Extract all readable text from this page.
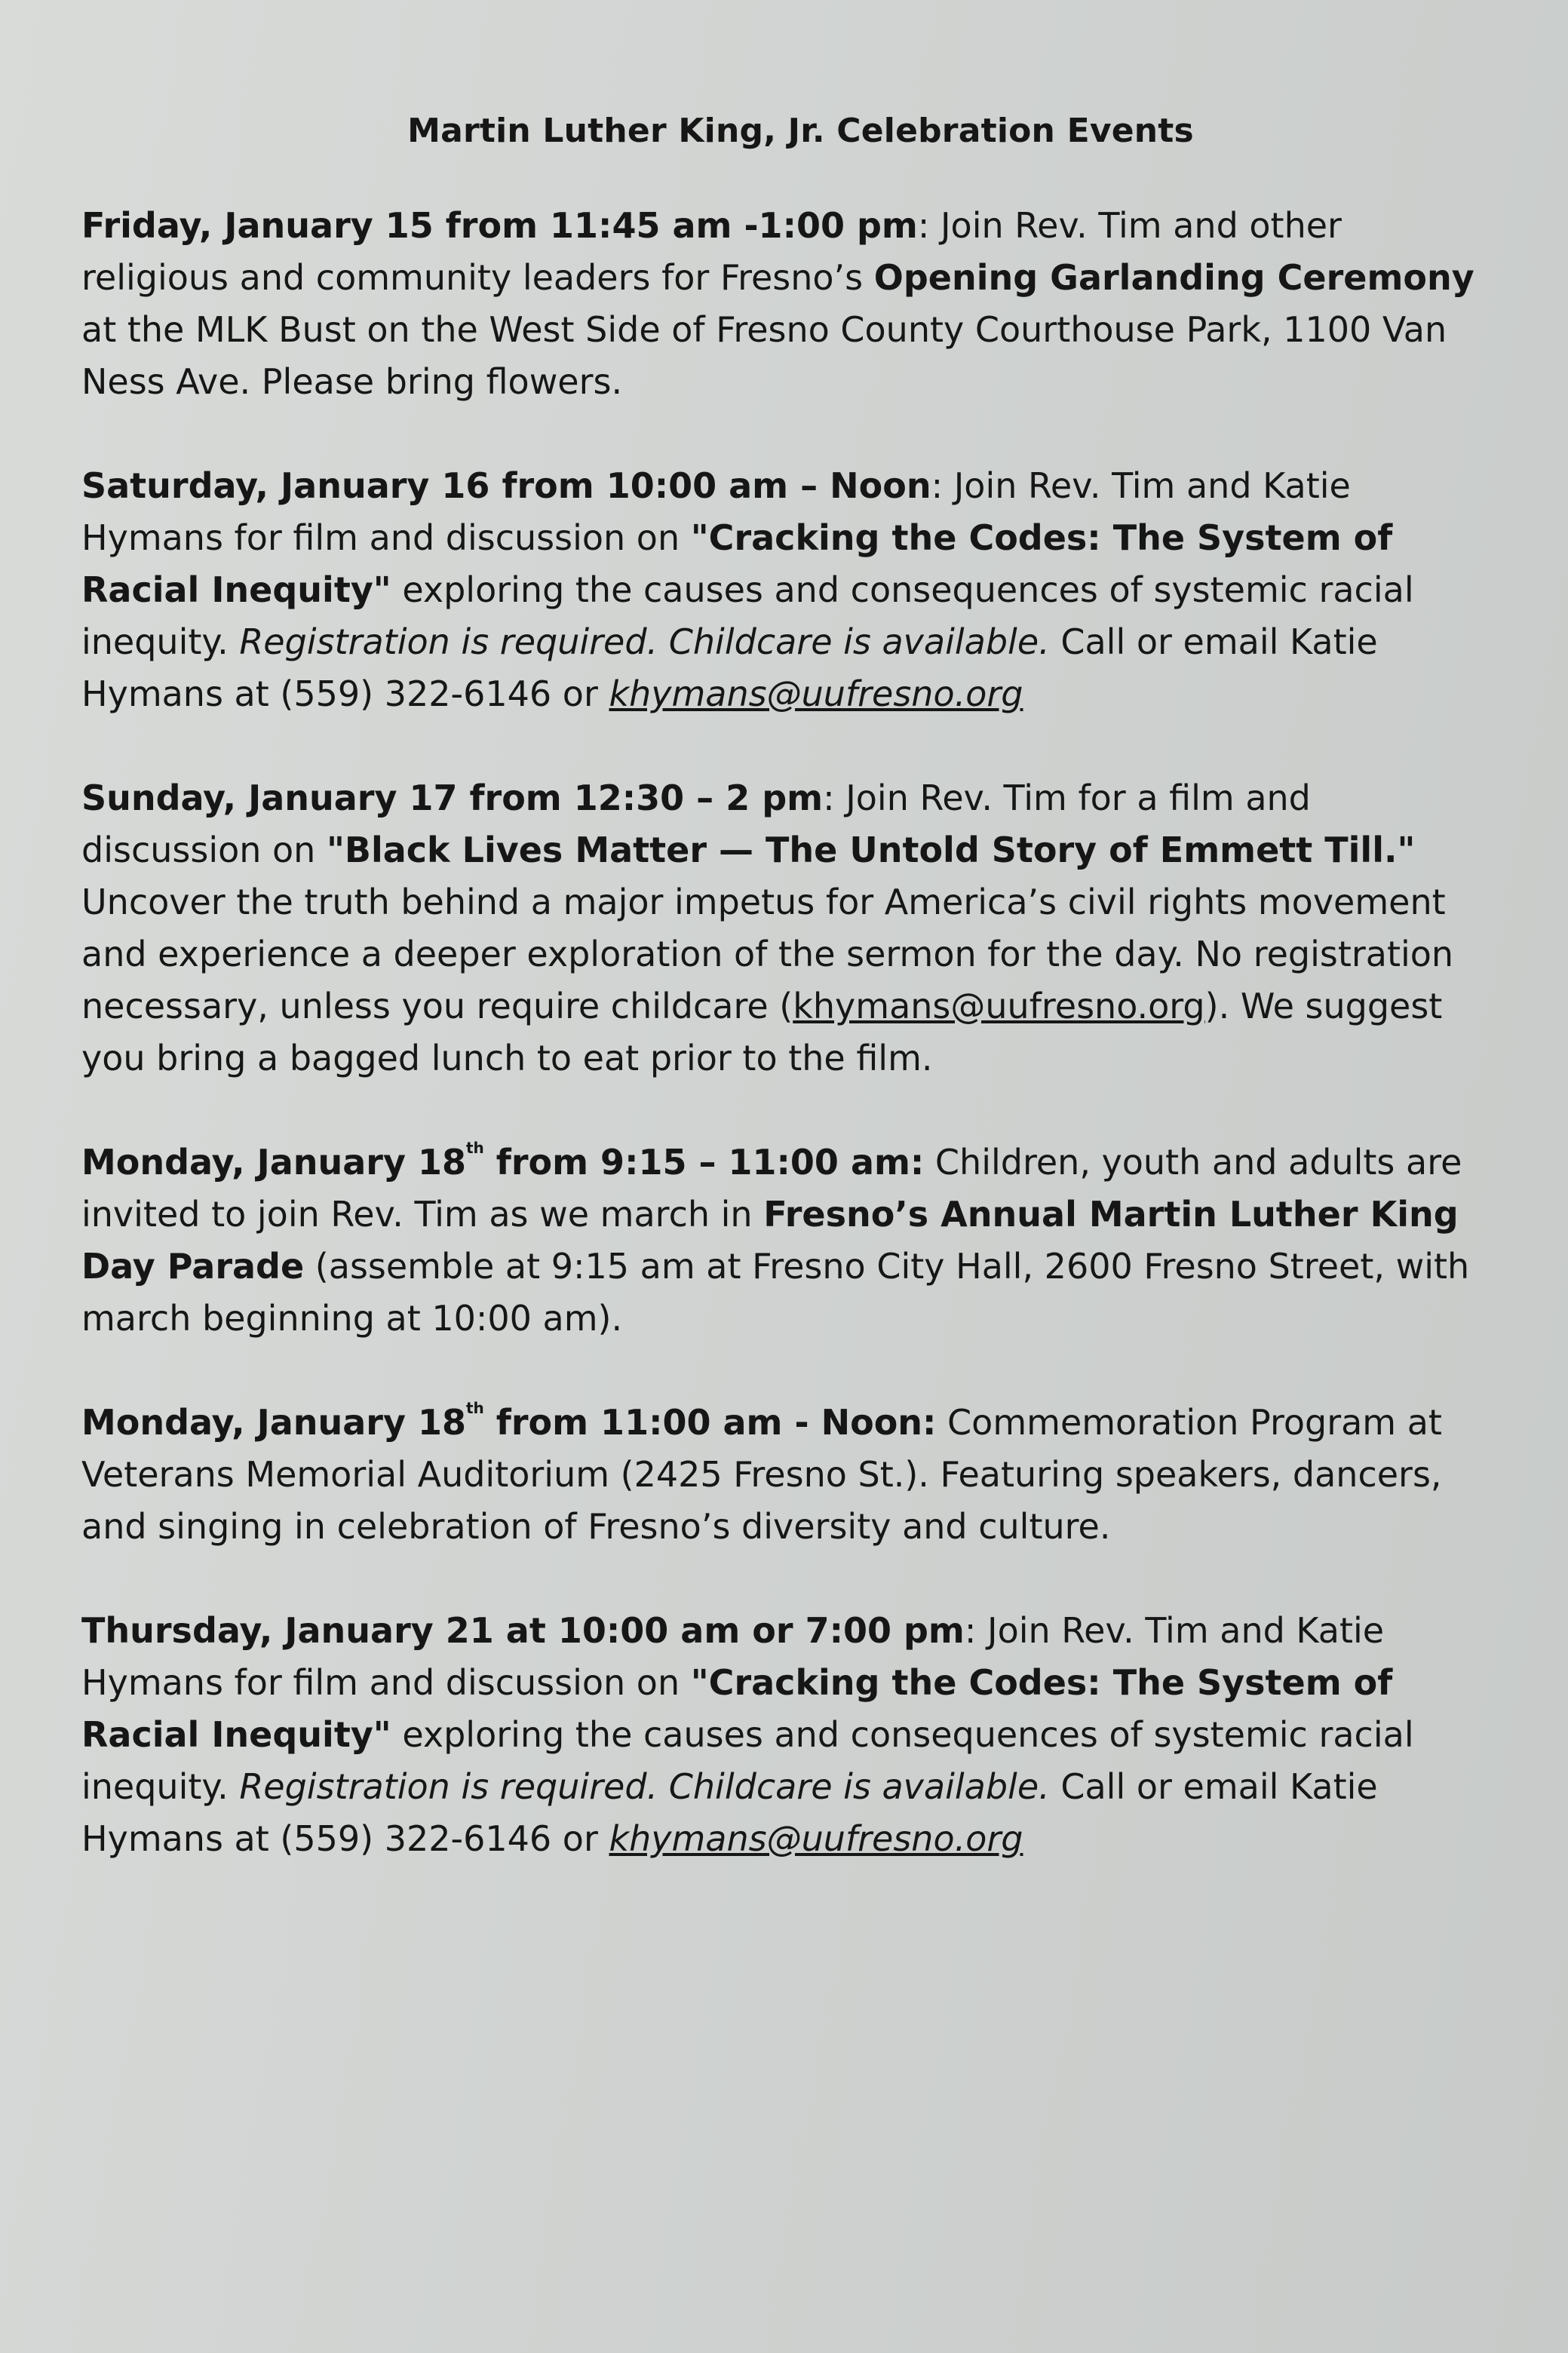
Martin Luther King, Jr. Celebration Events
Friday, January 15 from 11:45 am -1:00 pm: Join Rev. Tim and other religious and community leaders for Fresno’s Opening Garlanding Ceremony at the MLK Bust on the West Side of Fresno County Courthouse Park, 1100 Van Ness Ave. Please bring flowers.
Saturday, January 16 from 10:00 am – Noon: Join Rev. Tim and Katie Hymans for film and discussion on "Cracking the Codes: The System of Racial Inequity" exploring the causes and consequences of systemic racial inequity. Registration is required. Childcare is available. Call or email Katie Hymans at (559) 322-6146 or khymans@uufresno.org
Sunday, January 17 from 12:30 – 2 pm: Join Rev. Tim for a film and discussion on "Black Lives Matter — The Untold Story of Emmett Till." Uncover the truth behind a major impetus for America’s civil rights movement and experience a deeper exploration of the sermon for the day. No registration necessary, unless you require childcare (khymans@uufresno.org). We suggest you bring a bagged lunch to eat prior to the film.
Monday, January 18th from 9:15 – 11:00 am: Children, youth and adults are invited to join Rev. Tim as we march in Fresno’s Annual Martin Luther King Day Parade (assemble at 9:15 am at Fresno City Hall, 2600 Fresno Street, with march beginning at 10:00 am).
Monday, January 18th from 11:00 am - Noon: Commemoration Program at Veterans Memorial Auditorium (2425 Fresno St.). Featuring speakers, dancers, and singing in celebration of Fresno’s diversity and culture.
Thursday, January 21 at 10:00 am or 7:00 pm: Join Rev. Tim and Katie Hymans for film and discussion on "Cracking the Codes: The System of Racial Inequity" exploring the causes and consequences of systemic racial inequity. Registration is required. Childcare is available. Call or email Katie Hymans at (559) 322-6146 or khymans@uufresno.org
